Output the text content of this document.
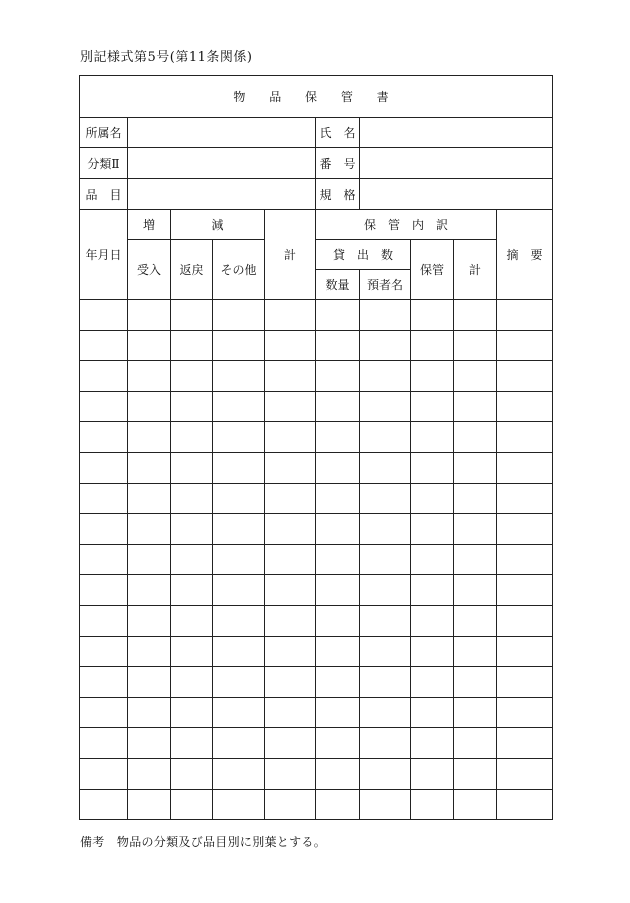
別記様式第5号(第11条関係)
物 品 保 管 書									
所属名					氏　名				
分類Ⅱ					番　号				
品　目					規　格				
年月日	増	減		計	保　管　内　訳				摘　要
	受入	返戻	その他		貸　出　数		保管	計	
					数量	預者名			

備考　物品の分類及び品目別に別葉とする。
